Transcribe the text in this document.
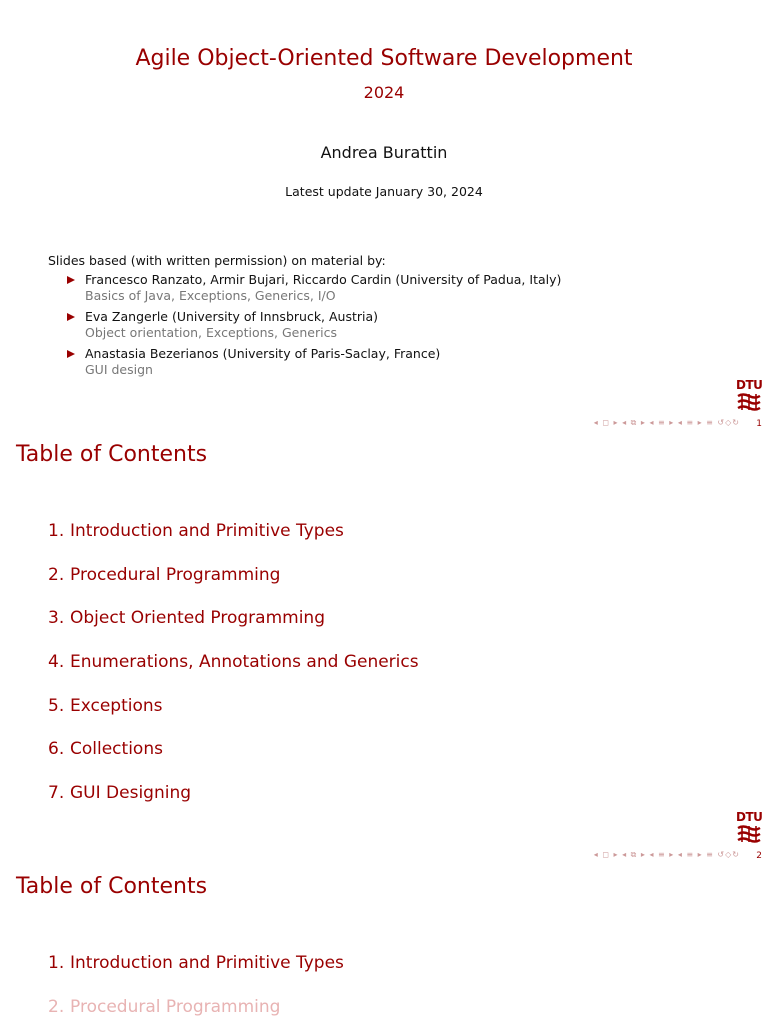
Agile Object-Oriented Software Development
2024
Andrea Burattin
Latest update January 30, 2024
Slides based (with written permission) on material by:
Francesco Ranzato, Armir Bujari, Riccardo Cardin (University of Padua, Italy)
Basics of Java, Exceptions, Generics, I/O
Eva Zangerle (University of Innsbruck, Austria)
Object orientation, Exceptions, Generics
Anastasia Bezerianos (University of Paris-Saclay, France)
GUI design
DTU
◂ ◻ ▸ ◂ ⧉ ▸ ◂ ≡ ▸ ◂ ≡ ▸ ≡ ↺◇↻ 1
Table of Contents
1. Introduction and Primitive Types
2. Procedural Programming
3. Object Oriented Programming
4. Enumerations, Annotations and Generics
5. Exceptions
6. Collections
7. GUI Designing
DTU
◂ ◻ ▸ ◂ ⧉ ▸ ◂ ≡ ▸ ◂ ≡ ▸ ≡ ↺◇↻ 2
Table of Contents
1. Introduction and Primitive Types
2. Procedural Programming
